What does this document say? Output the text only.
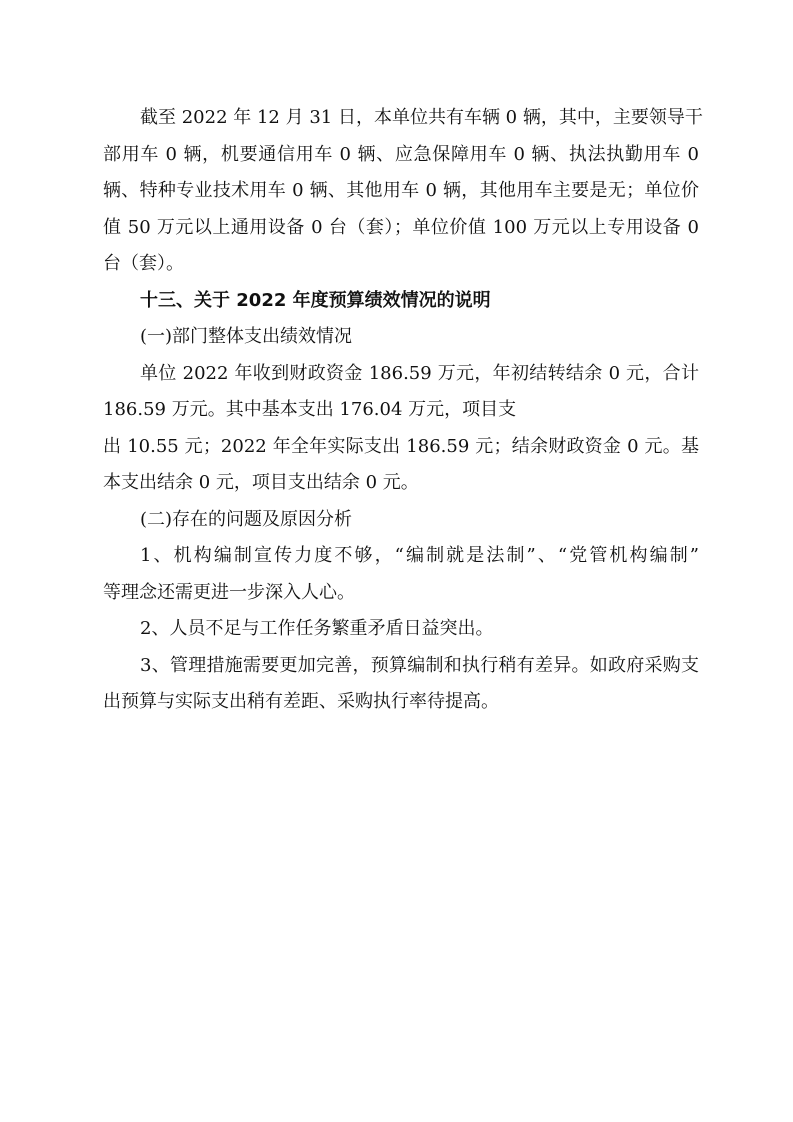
截至 2022 年 12 月 31 日，本单位共有车辆 0 辆，其中，主要领导干
部用车 0 辆，机要通信用车 0 辆、应急保障用车 0 辆、执法执勤用车 0
辆、特种专业技术用车 0 辆、其他用车 0 辆，其他用车主要是无；单位价
值 50 万元以上通用设备 0 台（套）；单位价值 100 万元以上专用设备 0
台（套）。
十三、关于 2022 年度预算绩效情况的说明
(一)部门整体支出绩效情况
单位 2022 年收到财政资金 186.59 万元，年初结转结余 0 元，合计
186.59 万元。其中基本支出 176.04 万元，项目支
出 10.55 元；2022 年全年实际支出 186.59 元；结余财政资金 0 元。基
本支出结余 0 元，项目支出结余 0 元。
(二)存在的问题及原因分析
1、机构编制宣传力度不够，“编制就是法制”、“党管机构编制”
等理念还需更进一步深入人心。
2、人员不足与工作任务繁重矛盾日益突出。
3、管理措施需要更加完善，预算编制和执行稍有差异。如政府采购支
出预算与实际支出稍有差距、采购执行率待提高。
